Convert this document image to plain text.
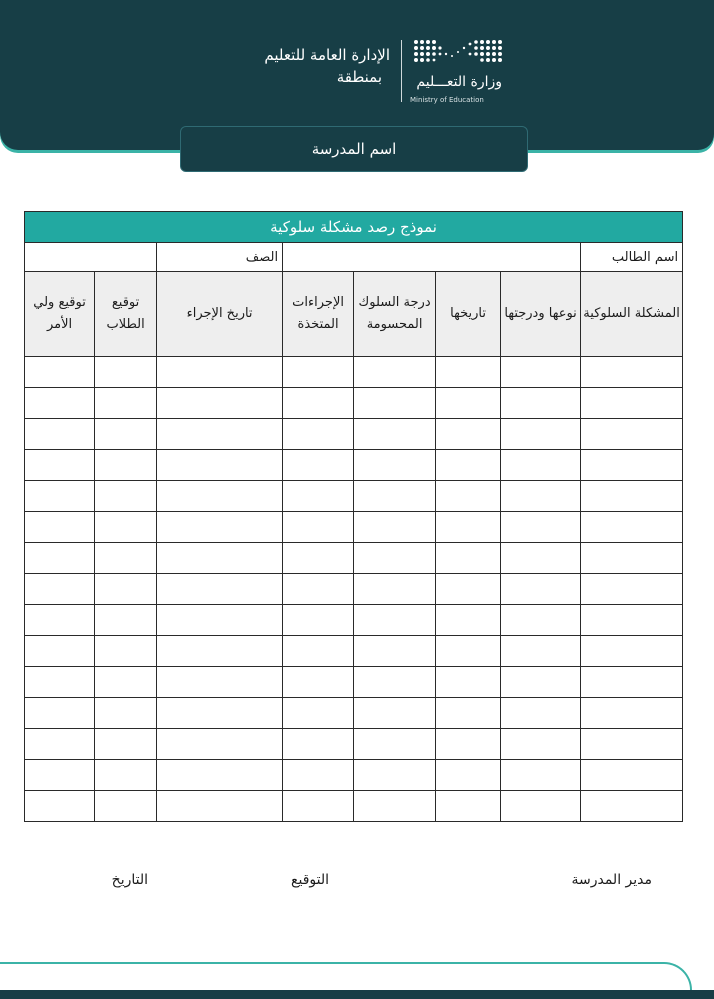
الإدارة العامة للتعليم
بمنطقة	وزارة التعـــليم
Ministry of Education
اسم المدرسة
نموذج رصد مشكلة سلوكية							
اسم الطالب					الصف		
المشكلة السلوكية	نوعها ودرجتها	تاريخها	درجة السلوك المحسومة	الإجراءات المتخذة	تاريخ الإجراء	توقيع الطلاب	توقيع ولي الأمر

مدير المدرسة
التوقيع
التاريخ
